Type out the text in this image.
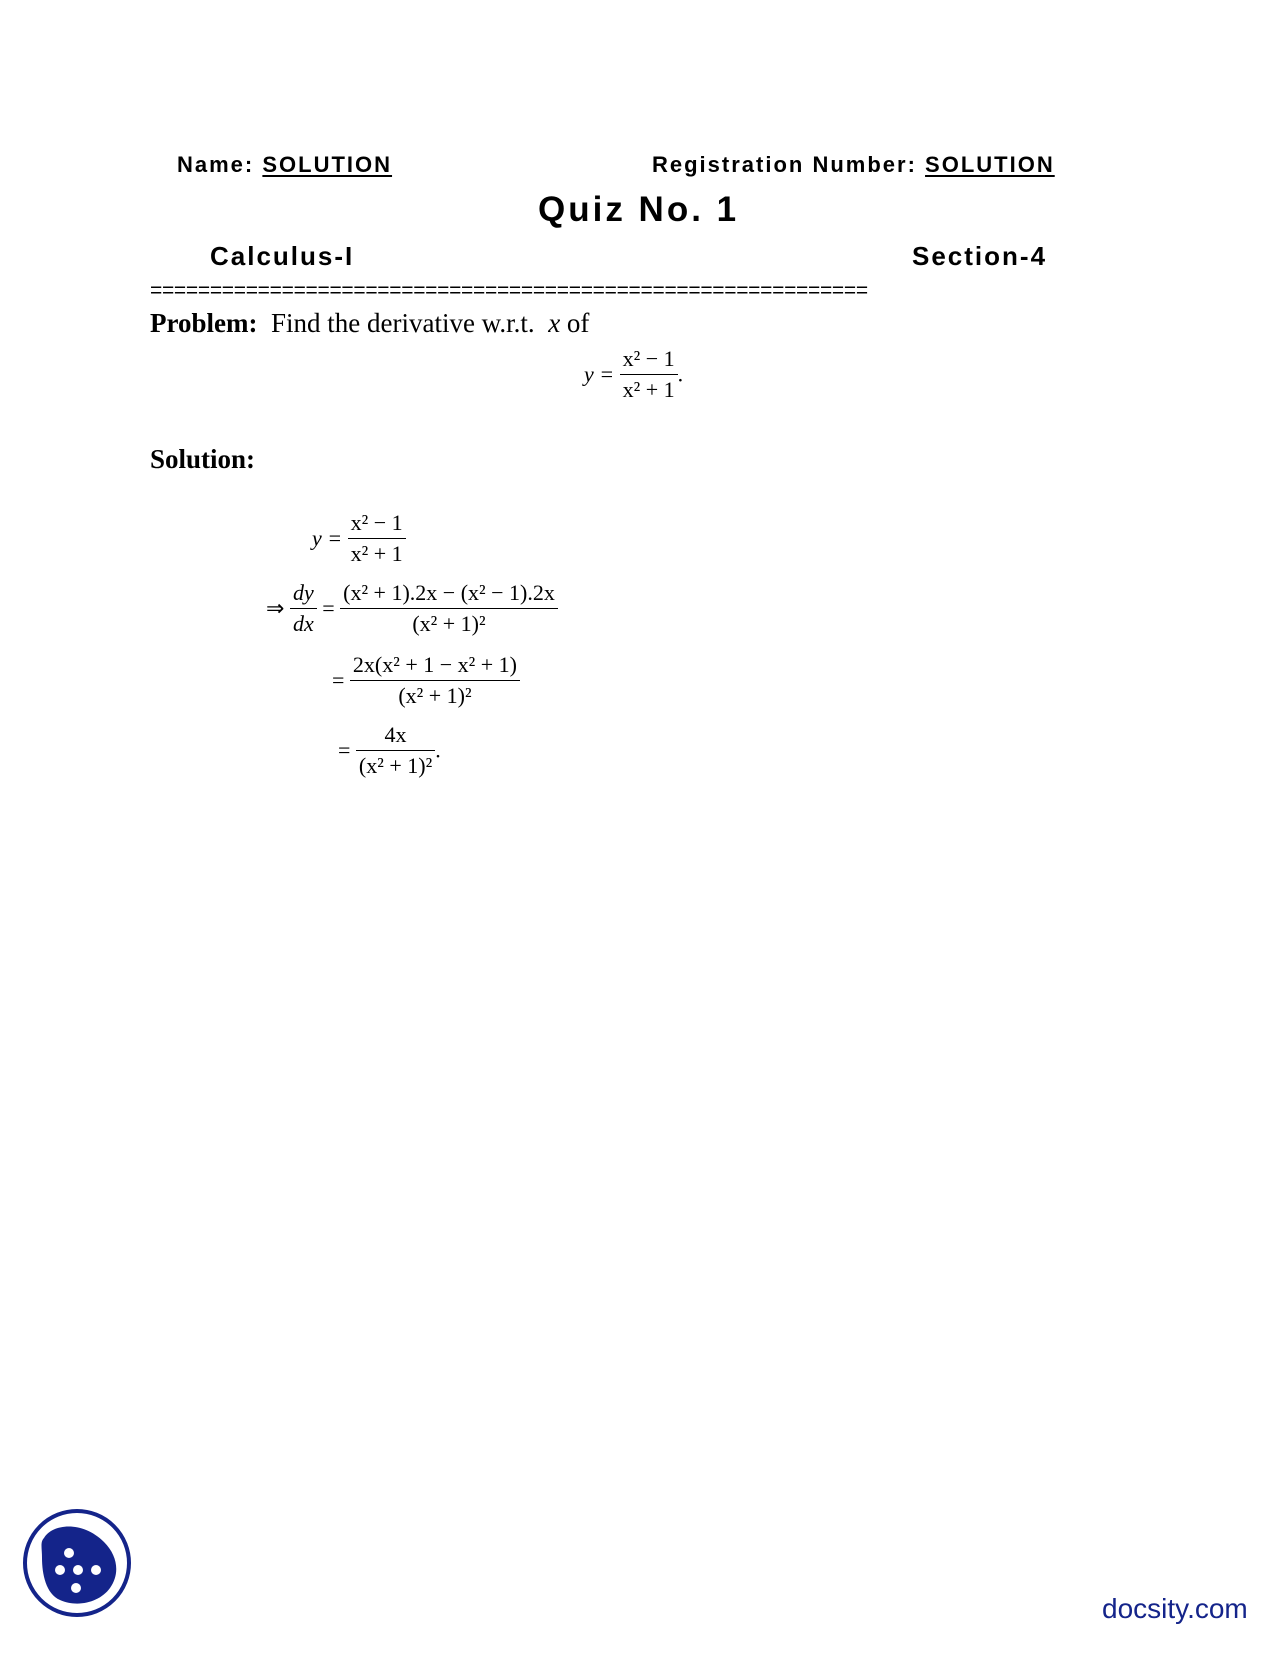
Name: SOLUTION	Registration Number: SOLUTION
Quiz No. 1
Calculus-I	Section-4
============================================================
Problem: Find the derivative w.r.t. x of
$y = \frac{\text{x² − 1}}{\text{x² + 1}}$ .
Solution:
$y = \frac{\text{x² − 1}}{\text{x² + 1}}$
⇒ $\frac{dy}{dx} = \frac{\text{(x² + 1).2x − (x² − 1).2x}}{\text{(x² + 1)²}}$
= $\frac{\text{2x(x² + 1 − x² + 1)}}{\text{(x² + 1)²}}$
= $\frac{4x}{\text{(x² + 1)²}}$ .
docsity.com
